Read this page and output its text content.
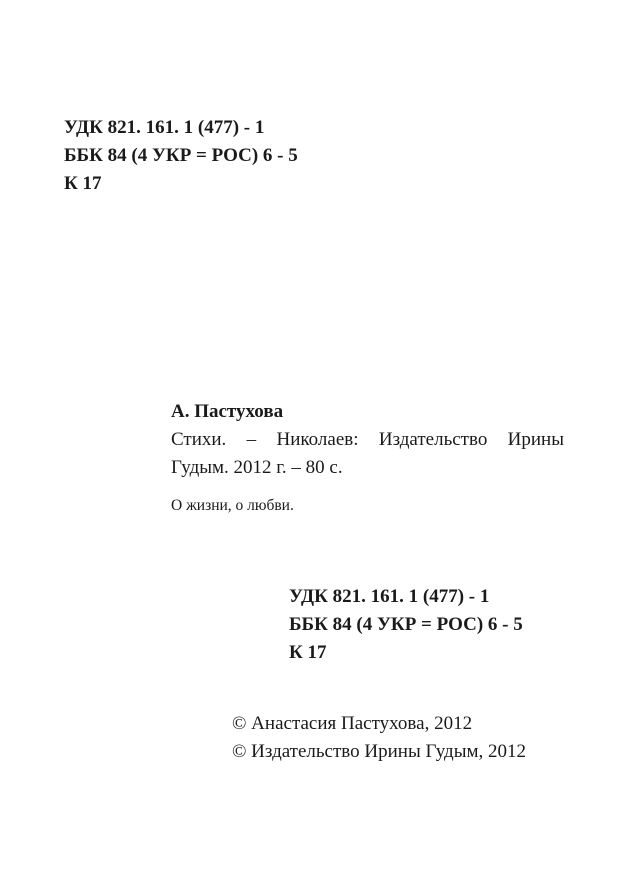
УДК 821. 161. 1 (477) - 1
ББК 84 (4 УКР = РОС) 6 - 5
К 17
А. Пастухова
Стихи. – Николаев: Издательство Ирины
Гудым. 2012 г. – 80 с.
О жизни, о любви.
УДК 821. 161. 1 (477) - 1
ББК 84 (4 УКР = РОС) 6 - 5
К 17
© Анастасия Пастухова, 2012
© Издательство Ирины Гудым, 2012
